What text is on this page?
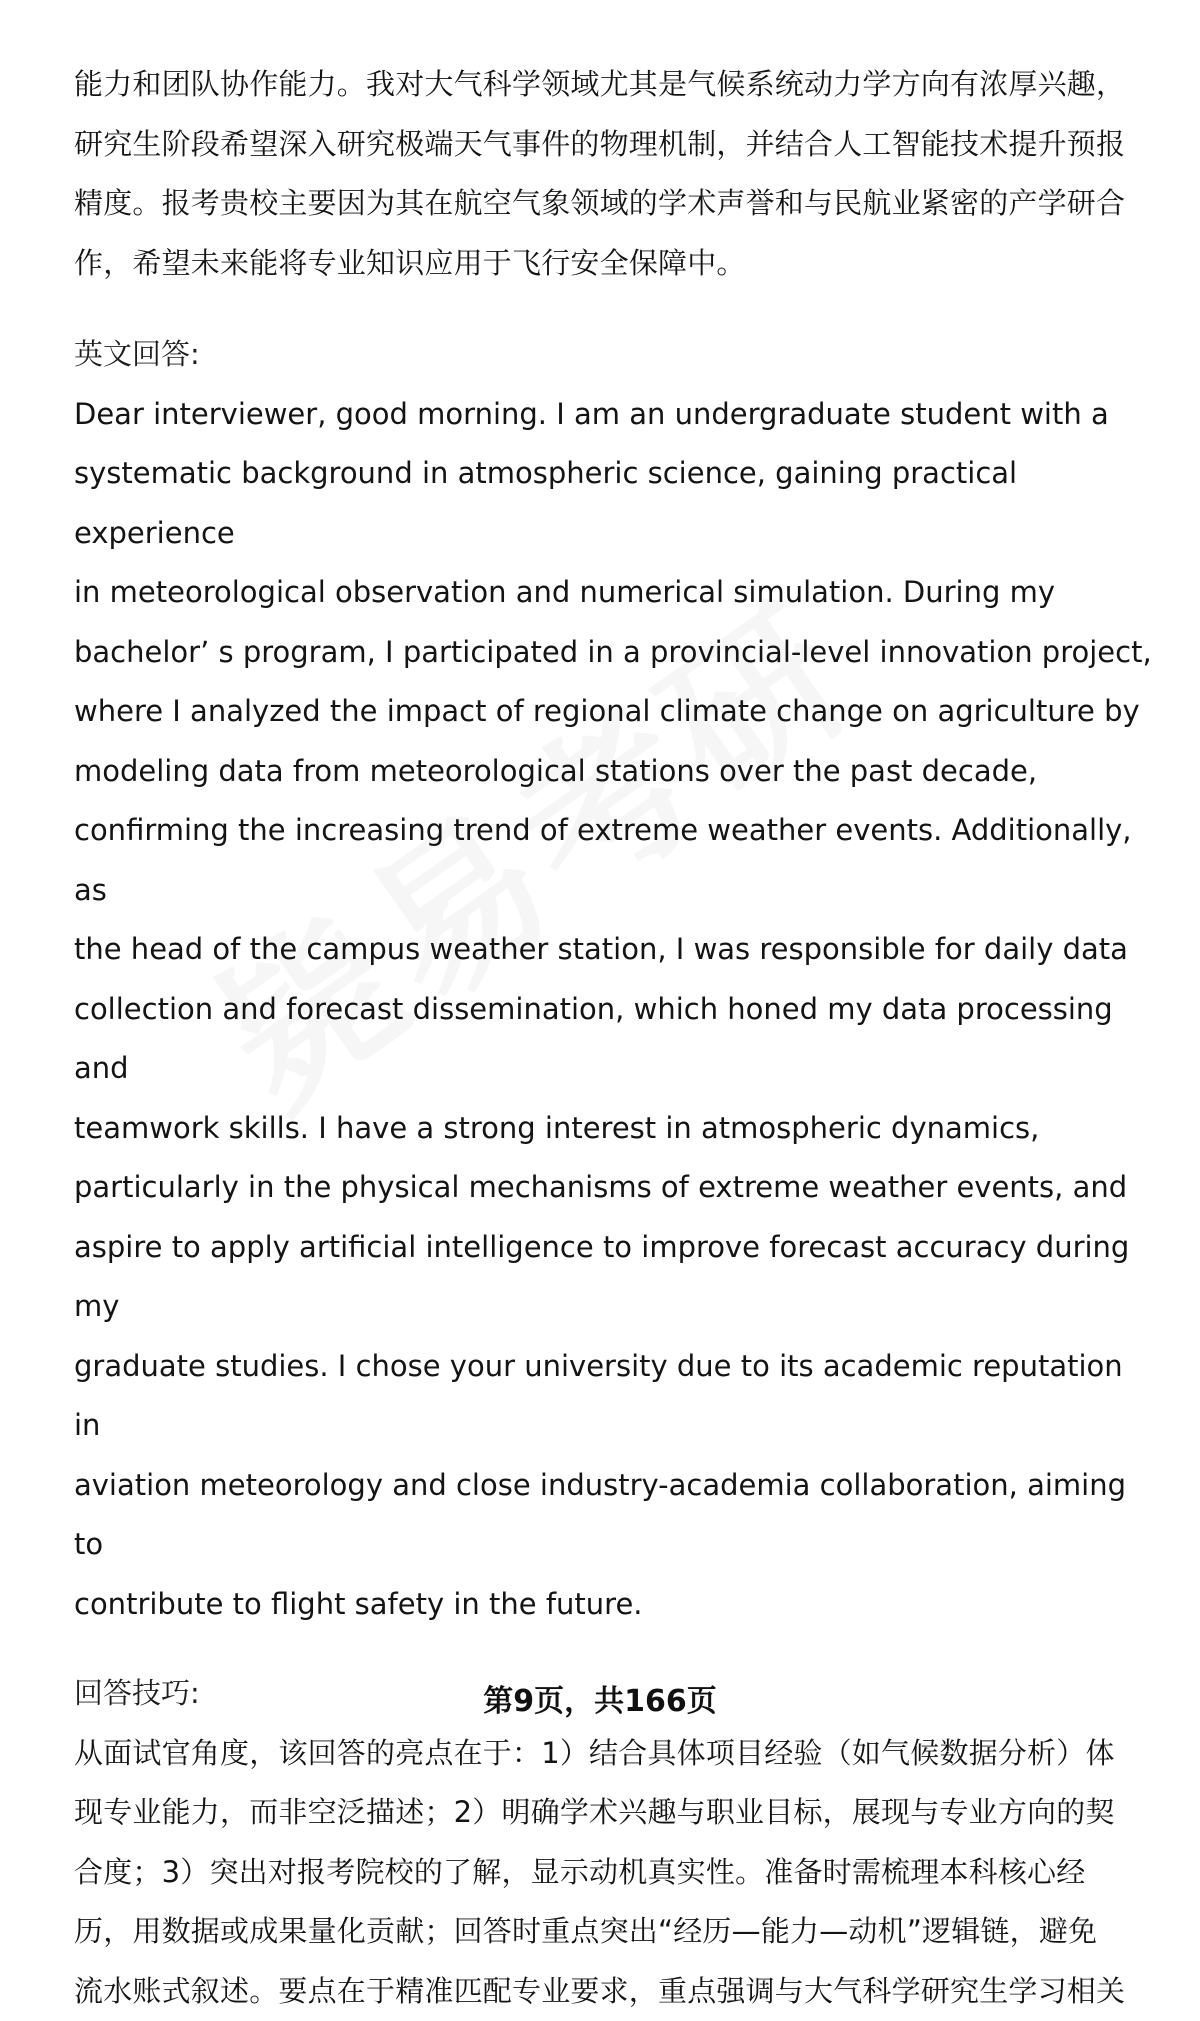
能力和团队协作能力。我对大气科学领域尤其是气候系统动力学方向有浓厚兴趣，
研究生阶段希望深入研究极端天气事件的物理机制，并结合人工智能技术提升预报
精度。报考贵校主要因为其在航空气象领域的学术声誉和与民航业紧密的产学研合
作，希望未来能将专业知识应用于飞行安全保障中。

英文回答:

Dear interviewer, good morning. I am an undergraduate student with a
systematic background in atmospheric science, gaining practical experience
in meteorological observation and numerical simulation. During my
bachelor’ s program, I participated in a provincial-level innovation project,
where I analyzed the impact of regional climate change on agriculture by
modeling data from meteorological stations over the past decade,
confirming the increasing trend of extreme weather events. Additionally, as
the head of the campus weather station, I was responsible for daily data
collection and forecast dissemination, which honed my data processing and
teamwork skills. I have a strong interest in atmospheric dynamics,
particularly in the physical mechanisms of extreme weather events, and
aspire to apply artificial intelligence to improve forecast accuracy during my
graduate studies. I chose your university due to its academic reputation in
aviation meteorology and close industry-academia collaboration, aiming to
contribute to flight safety in the future.

回答技巧:

从面试官角度，该回答的亮点在于：1）结合具体项目经验（如气候数据分析）体
现专业能力，而非空泛描述；2）明确学术兴趣与职业目标，展现与专业方向的契
合度；3）突出对报考院校的了解，显示动机真实性。准备时需梳理本科核心经
历，用数据或成果量化贡献；回答时重点突出“经历—能力—动机”逻辑链，避免
流水账式叙述。要点在于精准匹配专业要求，重点强调与大气科学研究生学习相关

第9页，共166页
